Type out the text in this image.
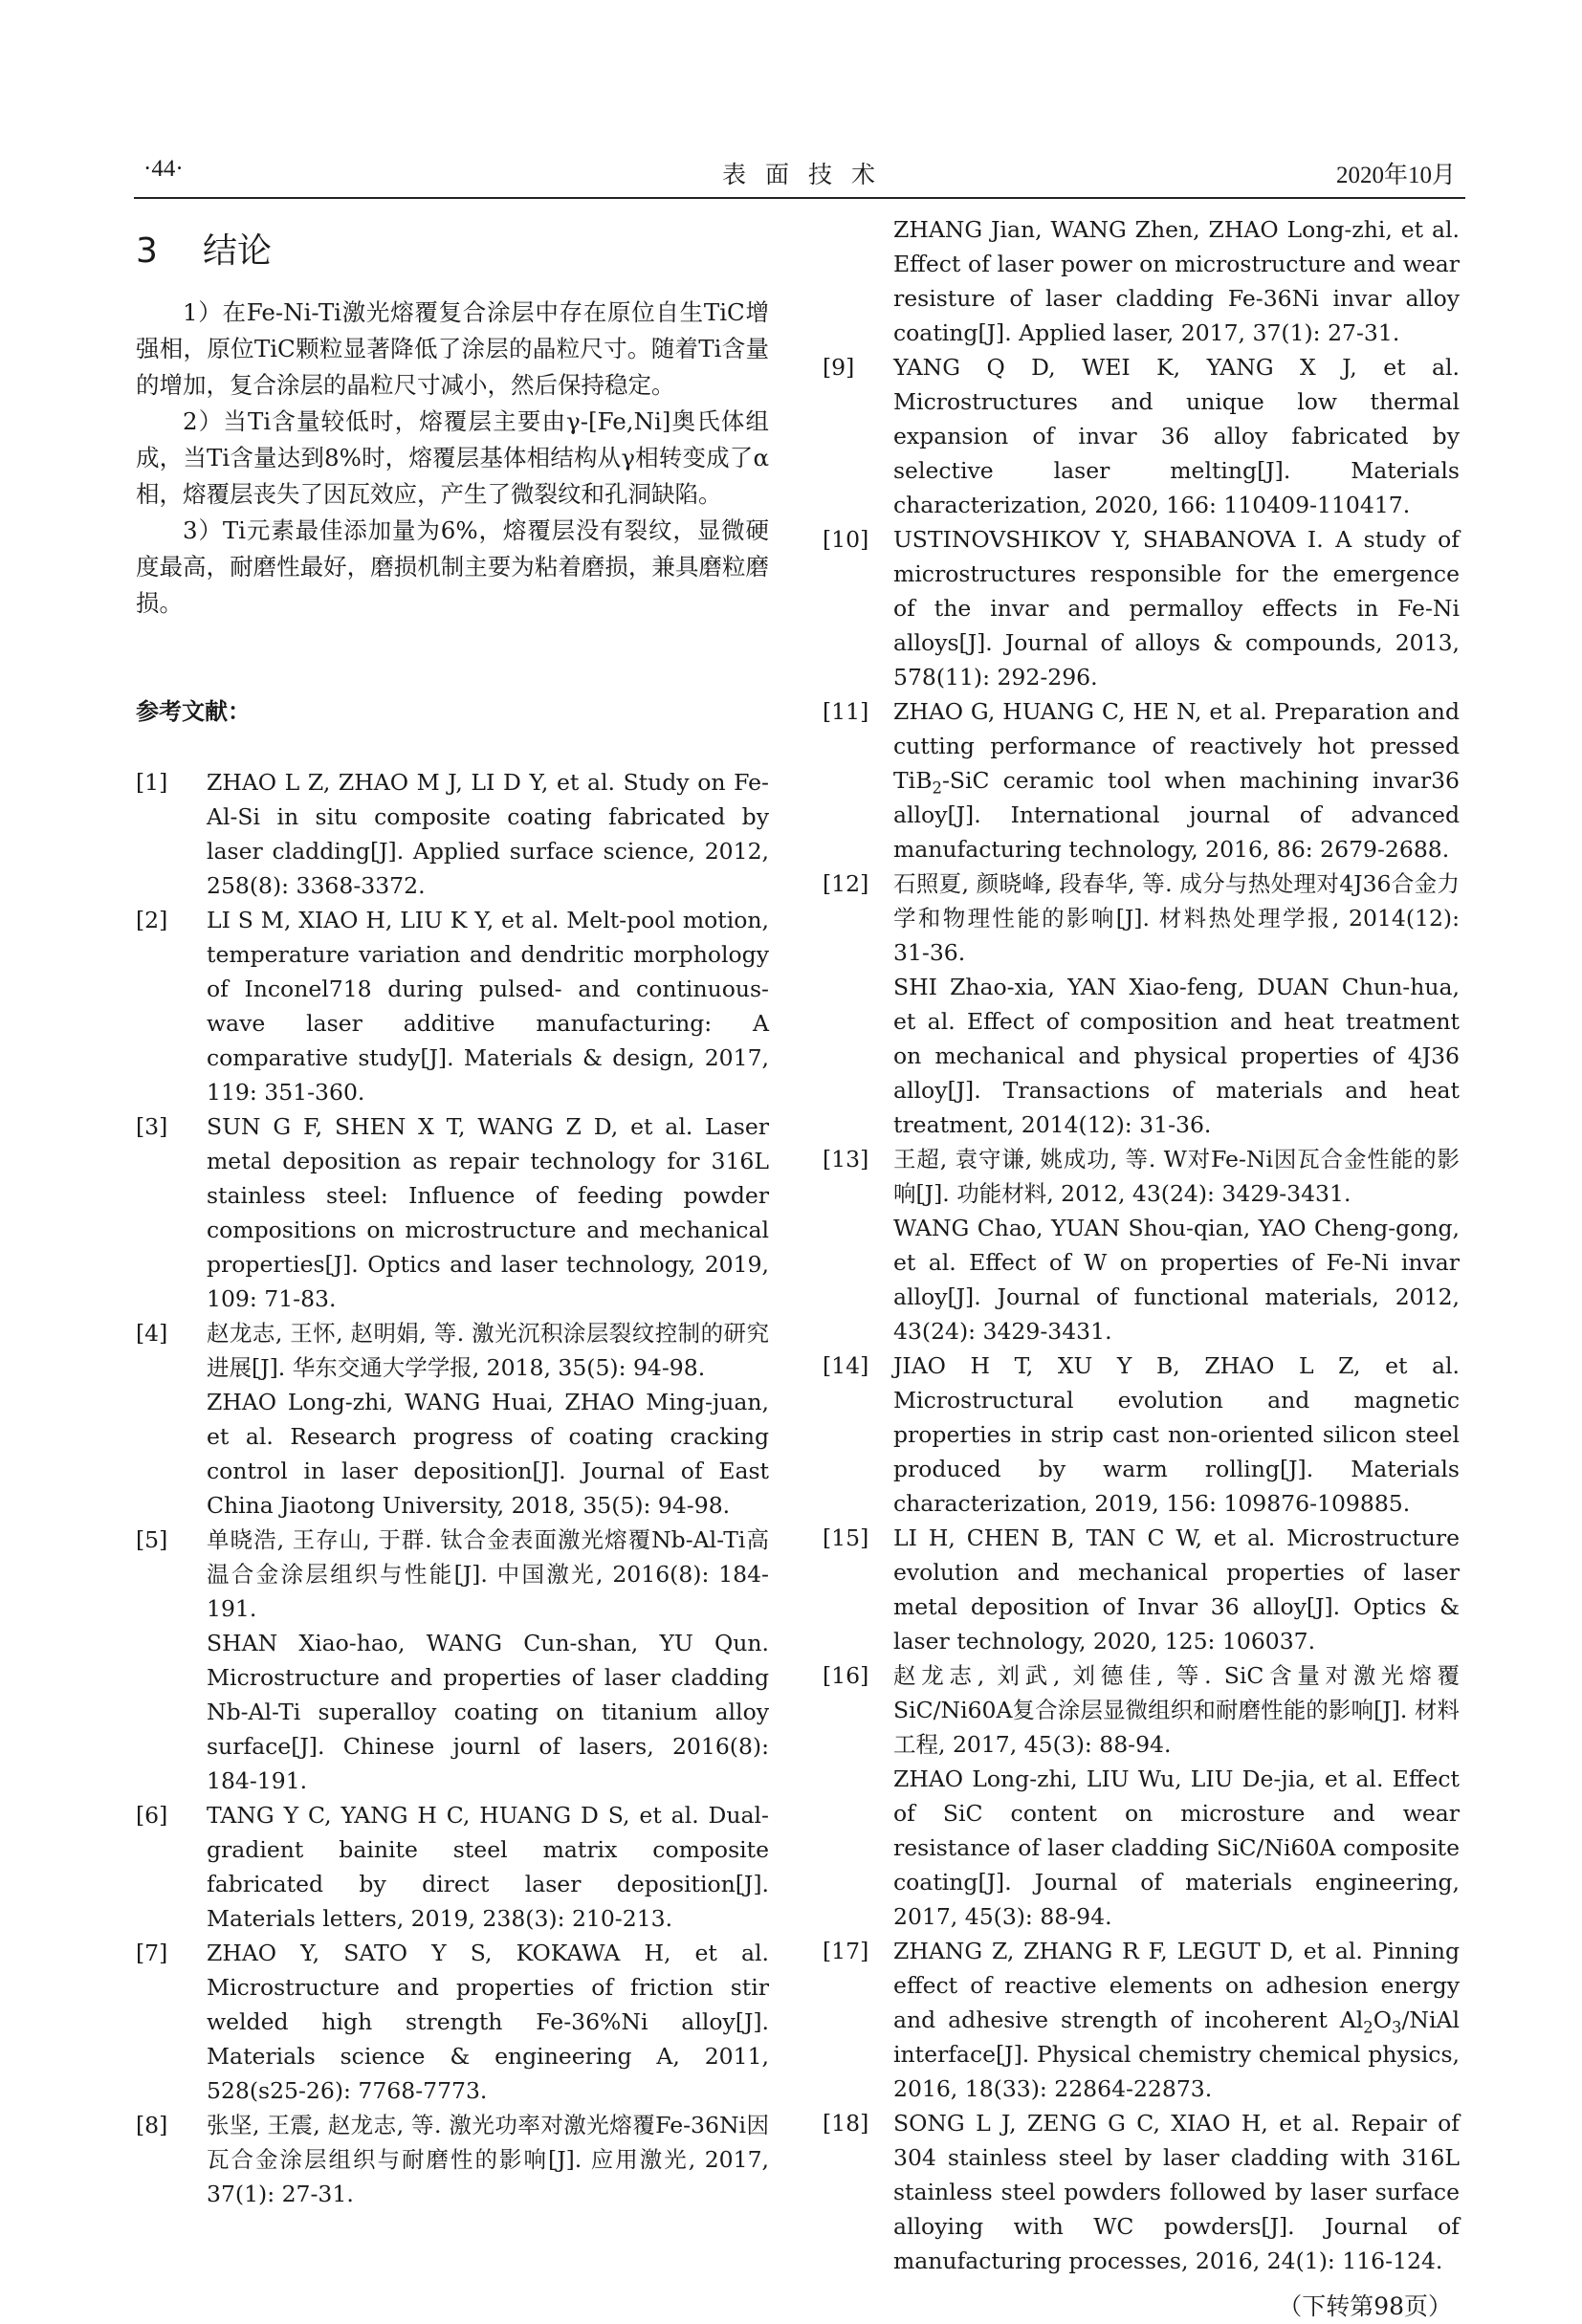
·44·	表面技术	2020年10月
3 结论

1）在Fe-Ni-Ti激光熔覆复合涂层中存在原位自生TiC增强相，原位TiC颗粒显著降低了涂层的晶粒尺寸。随着Ti含量的增加，复合涂层的晶粒尺寸减小，然后保持稳定。

2）当Ti含量较低时，熔覆层主要由γ-[Fe,Ni]奥氏体组成，当Ti含量达到8%时，熔覆层基体相结构从γ相转变成了α相，熔覆层丧失了因瓦效应，产生了微裂纹和孔洞缺陷。

3）Ti元素最佳添加量为6%，熔覆层没有裂纹，显微硬度最高，耐磨性最好，磨损机制主要为粘着磨损，兼具磨粒磨损。

参考文献：
[1] ZHAO L Z, ZHAO M J, LI D Y, et al. Study on Fe-Al-Si in situ composite coating fabricated by laser cladding[J]. Applied surface science, 2012, 258(8): 3368-3372.
[2] LI S M, XIAO H, LIU K Y, et al. Melt-pool motion, temperature variation and dendritic morphology of Inconel718 during pulsed- and continuous-wave laser additive manufacturing: A comparative study[J]. Materials & design, 2017, 119: 351-360.
[3] SUN G F, SHEN X T, WANG Z D, et al. Laser metal deposition as repair technology for 316L stainless steel: Influence of feeding powder compositions on microstructure and mechanical properties[J]. Optics and laser technology, 2019, 109: 71-83.
[4] 赵龙志, 王怀, 赵明娟, 等. 激光沉积涂层裂纹控制的研究进展[J]. 华东交通大学学报, 2018, 35(5): 94-98.
ZHAO Long-zhi, WANG Huai, ZHAO Ming-juan, et al. Research progress of coating cracking control in laser deposition[J]. Journal of East China Jiaotong University, 2018, 35(5): 94-98.
[5] 单晓浩, 王存山, 于群. 钛合金表面激光熔覆Nb-Al-Ti高温合金涂层组织与性能[J]. 中国激光, 2016(8): 184-191.
SHAN Xiao-hao, WANG Cun-shan, YU Qun. Microstructure and properties of laser cladding Nb-Al-Ti superalloy coating on titanium alloy surface[J]. Chinese journl of lasers, 2016(8): 184-191.
[6] TANG Y C, YANG H C, HUANG D S, et al. Dual-gradient bainite steel matrix composite fabricated by direct laser deposition[J]. Materials letters, 2019, 238(3): 210-213.
[7] ZHAO Y, SATO Y S, KOKAWA H, et al. Microstructure and properties of friction stir welded high strength Fe-36%Ni alloy[J]. Materials science & engineering A, 2011, 528(s25-26): 7768-7773.
[8] 张坚, 王震, 赵龙志, 等. 激光功率对激光熔覆Fe-36Ni因瓦合金涂层组织与耐磨性的影响[J]. 应用激光, 2017, 37(1): 27-31.
ZHANG Jian, WANG Zhen, ZHAO Long-zhi, et al. Effect of laser power on microstructure and wear resisture of laser cladding Fe-36Ni invar alloy coating[J]. Applied laser, 2017, 37(1): 27-31.
[9] YANG Q D, WEI K, YANG X J, et al. Microstructures and unique low thermal expansion of invar 36 alloy fabricated by selective laser melting[J]. Materials characterization, 2020, 166: 110409-110417.
[10] USTINOVSHIKOV Y, SHABANOVA I. A study of microstructures responsible for the emergence of the invar and permalloy effects in Fe-Ni alloys[J]. Journal of alloys & compounds, 2013, 578(11): 292-296.
[11] ZHAO G, HUANG C, HE N, et al. Preparation and cutting performance of reactively hot pressed TiB$_2$-SiC ceramic tool when machining invar36 alloy[J]. International journal of advanced manufacturing technology, 2016, 86: 2679-2688.
[12] 石照夏, 颜晓峰, 段春华, 等. 成分与热处理对4J36合金力学和物理性能的影响[J]. 材料热处理学报, 2014(12): 31-36.
SHI Zhao-xia, YAN Xiao-feng, DUAN Chun-hua, et al. Effect of composition and heat treatment on mechanical and physical properties of 4J36 alloy[J]. Transactions of materials and heat treatment, 2014(12): 31-36.
[13] 王超, 袁守谦, 姚成功, 等. W对Fe-Ni因瓦合金性能的影响[J]. 功能材料, 2012, 43(24): 3429-3431.
WANG Chao, YUAN Shou-qian, YAO Cheng-gong, et al. Effect of W on properties of Fe-Ni invar alloy[J]. Journal of functional materials, 2012, 43(24): 3429-3431.
[14] JIAO H T, XU Y B, ZHAO L Z, et al. Microstructural evolution and magnetic properties in strip cast non-oriented silicon steel produced by warm rolling[J]. Materials characterization, 2019, 156: 109876-109885.
[15] LI H, CHEN B, TAN C W, et al. Microstructure evolution and mechanical properties of laser metal deposition of Invar 36 alloy[J]. Optics & laser technology, 2020, 125: 106037.
[16] 赵龙志, 刘武, 刘德佳, 等. SiC含量对激光熔覆SiC/Ni60A复合涂层显微组织和耐磨性能的影响[J]. 材料工程, 2017, 45(3): 88-94.
ZHAO Long-zhi, LIU Wu, LIU De-jia, et al. Effect of SiC content on microsture and wear resistance of laser cladding SiC/Ni60A composite coating[J]. Journal of materials engineering, 2017, 45(3): 88-94.
[17] ZHANG Z, ZHANG R F, LEGUT D, et al. Pinning effect of reactive elements on adhesion energy and adhesive strength of incoherent $Al_2O_3$/NiAl interface[J]. Physical chemistry chemical physics, 2016, 18(33): 22864-22873.
[18] SONG L J, ZENG G C, XIAO H, et al. Repair of 304 stainless steel by laser cladding with 316L stainless steel powders followed by laser surface alloying with WC powders[J]. Journal of manufacturing processes, 2016, 24(1): 116-124.
（下转第98页）
